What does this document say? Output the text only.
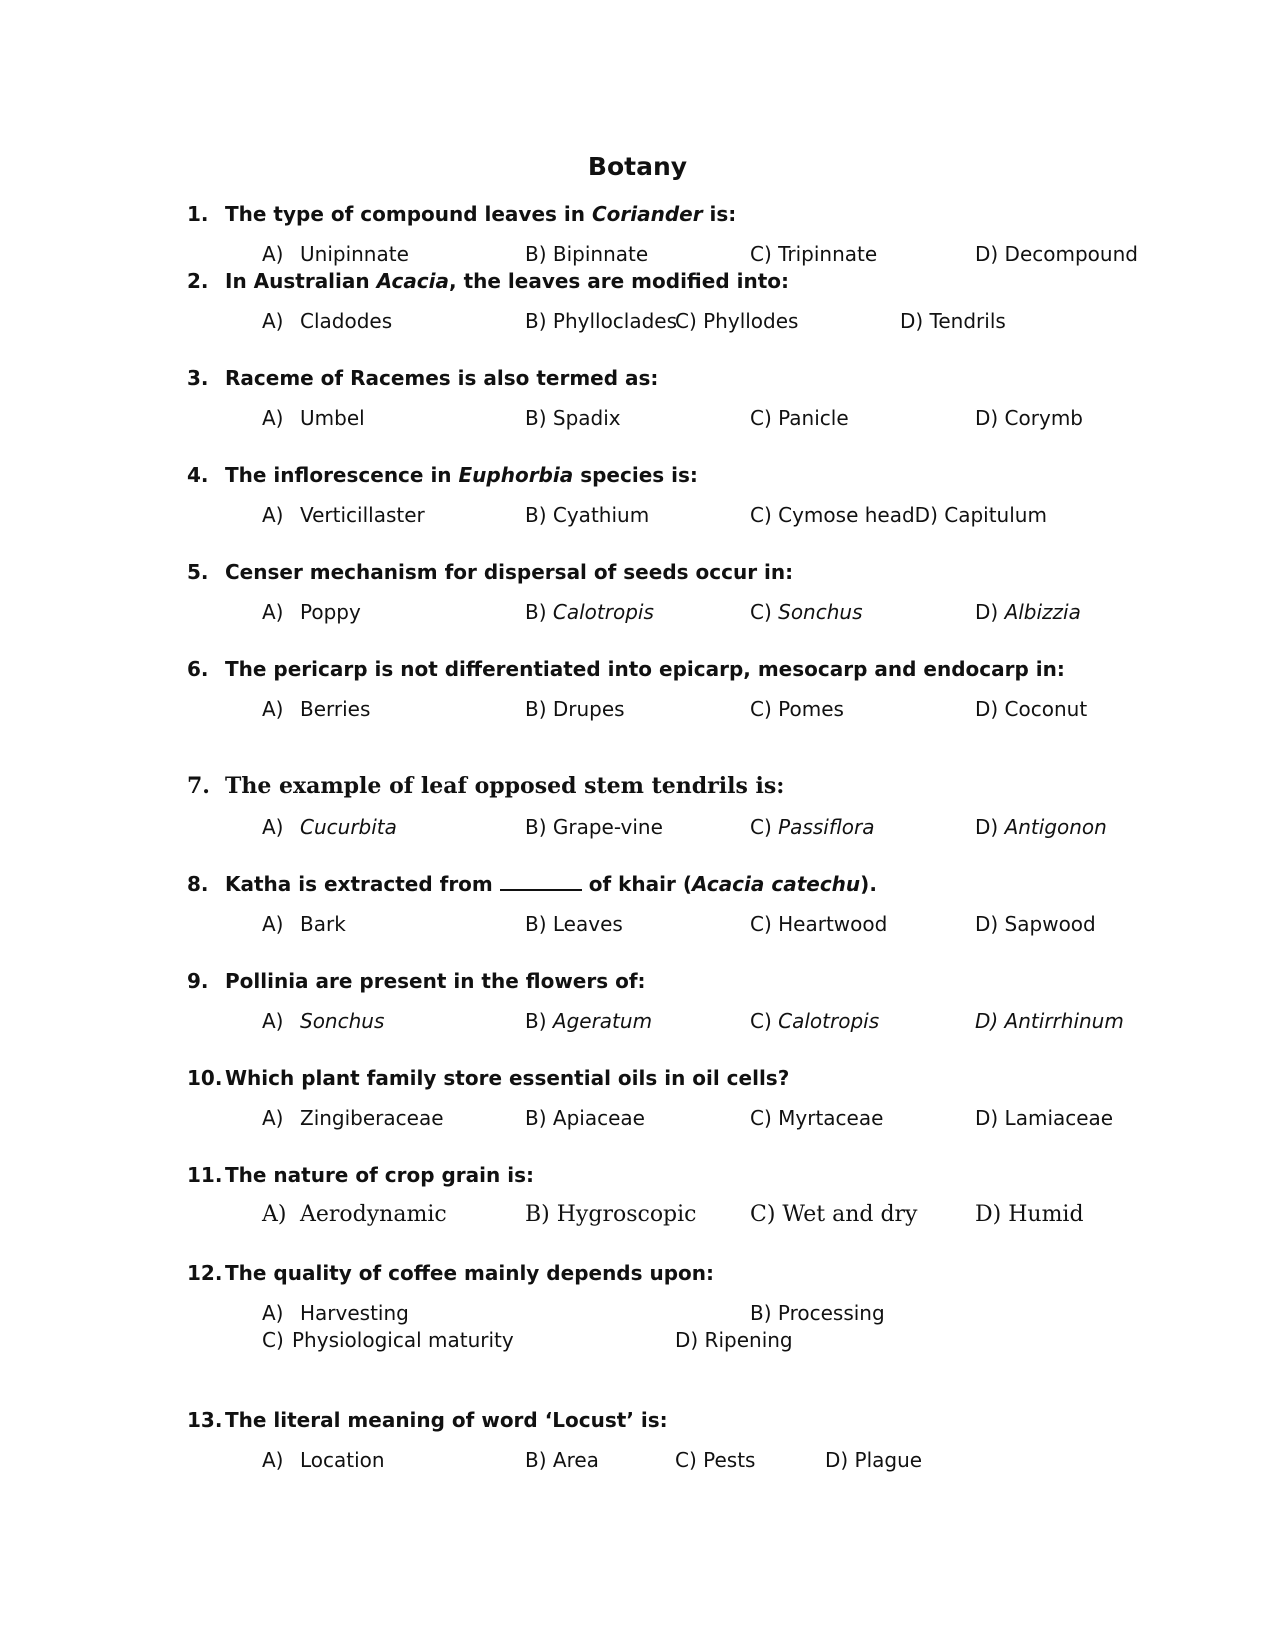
Botany
1. The type of compound leaves in Coriander is:
A) Unipinnate	B) Bipinnate	C) Tripinnate	D) Decompound
2. In Australian Acacia, the leaves are modified into:
A) Cladodes	B) Phylloclades
C) Phyllodes	D) Tendrils
3. Raceme of Racemes is also termed as:
A) Umbel	B) Spadix	C) Panicle	D) Corymb
4. The inflorescence in Euphorbia species is:
A) Verticillaster	B) Cyathium	C) Cymose headD) Capitulum
5. Censer mechanism for dispersal of seeds occur in:
A) Poppy	B) Calotropis	C) Sonchus	D) Albizzia
6. The pericarp is not differentiated into epicarp, mesocarp and endocarp in:
A) Berries	B) Drupes	C) Pomes	D) Coconut
7. The example of leaf opposed stem tendrils is:
A) Cucurbita	B) Grape-vine	C) Passiflora	D) Antigonon
8. Katha is extracted from	of khair (Acacia catechu).
A) Bark	B) Leaves	C) Heartwood	D) Sapwood
9. Pollinia are present in the flowers of:
A) Sonchus	B) Ageratum	C) Calotropis	D) Antirrhinum
10. Which plant family store essential oils in oil cells?
A) Zingiberaceae	B) Apiaceae	C) Myrtaceae	D) Lamiaceae
11. The nature of crop grain is:
A) Aerodynamic	B) Hygroscopic C) Wet and dry	D) Humid
12. The quality of coffee mainly depends upon:
A) Harvesting	B) Processing
C) Physiological maturity	D) Ripening
13. The literal meaning of word ‘Locust’ is:
A) Location	B) Area	C) Pests	D) Plague
